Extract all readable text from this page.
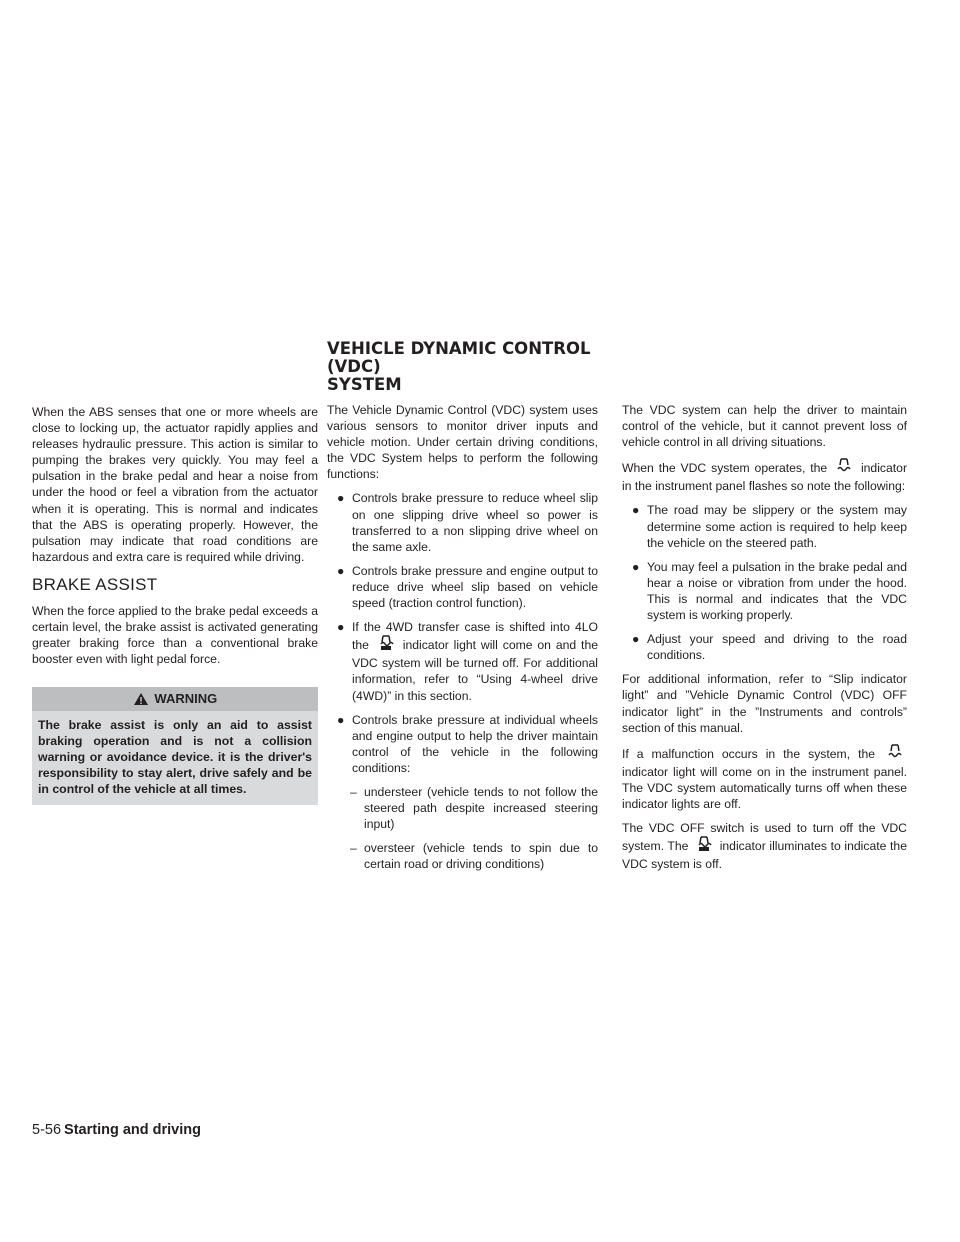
VEHICLE DYNAMIC CONTROL (VDC)
SYSTEM

When the ABS senses that one or more wheels are close to locking up, the actuator rapidly applies and releases hydraulic pressure. This action is similar to pumping the brakes very quickly. You may feel a pulsation in the brake pedal and hear a noise from under the hood or feel a vibration from the actuator when it is operating. This is normal and indicates that the ABS is operating properly. However, the pulsation may indicate that road conditions are hazardous and extra care is required while driving.

BRAKE ASSIST

When the force applied to the brake pedal exceeds a certain level, the brake assist is activated generating greater braking force than a conventional brake booster even with light pedal force.

WARNING
The brake assist is only an aid to assist braking operation and is not a collision warning or avoidance device. it is the driver's responsibility to stay alert, drive safely and be in control of the vehicle at all times.

The Vehicle Dynamic Control (VDC) system uses various sensors to monitor driver inputs and vehicle motion. Under certain driving conditions, the VDC System helps to perform the following functions:

● Controls brake pressure to reduce wheel slip on one slipping drive wheel so power is transferred to a non slipping drive wheel on the same axle.
● Controls brake pressure and engine output to reduce drive wheel slip based on vehicle speed (traction control function).
● If the 4WD transfer case is shifted into 4LO the	indicator light will come on and the VDC system will be turned off. For additional information, refer to “Using 4-wheel drive (4WD)” in this section.
● Controls brake pressure at individual wheels and engine output to help the driver maintain control of the vehicle in the following conditions:
– understeer (vehicle tends to not follow the steered path despite increased steering input)
– oversteer (vehicle tends to spin due to certain road or driving conditions)

The VDC system can help the driver to maintain control of the vehicle, but it cannot prevent loss of vehicle control in all driving situations.

When the VDC system operates, the	indicator in the instrument panel flashes so note the following:

● The road may be slippery or the system may determine some action is required to help keep the vehicle on the steered path.
● You may feel a pulsation in the brake pedal and hear a noise or vibration from under the hood. This is normal and indicates that the VDC system is working properly.
● Adjust your speed and driving to the road conditions.

For additional information, refer to “Slip indicator light” and ”Vehicle Dynamic Control (VDC) OFF indicator light” in the ”Instruments and controls” section of this manual.

If a malfunction occurs in the system, the  indicator light will come on in the instrument panel. The VDC system automatically turns off when these indicator lights are off.

The VDC OFF switch is used to turn off the VDC system. The	indicator illuminates to indicate the VDC system is off.

5-56 Starting and driving
